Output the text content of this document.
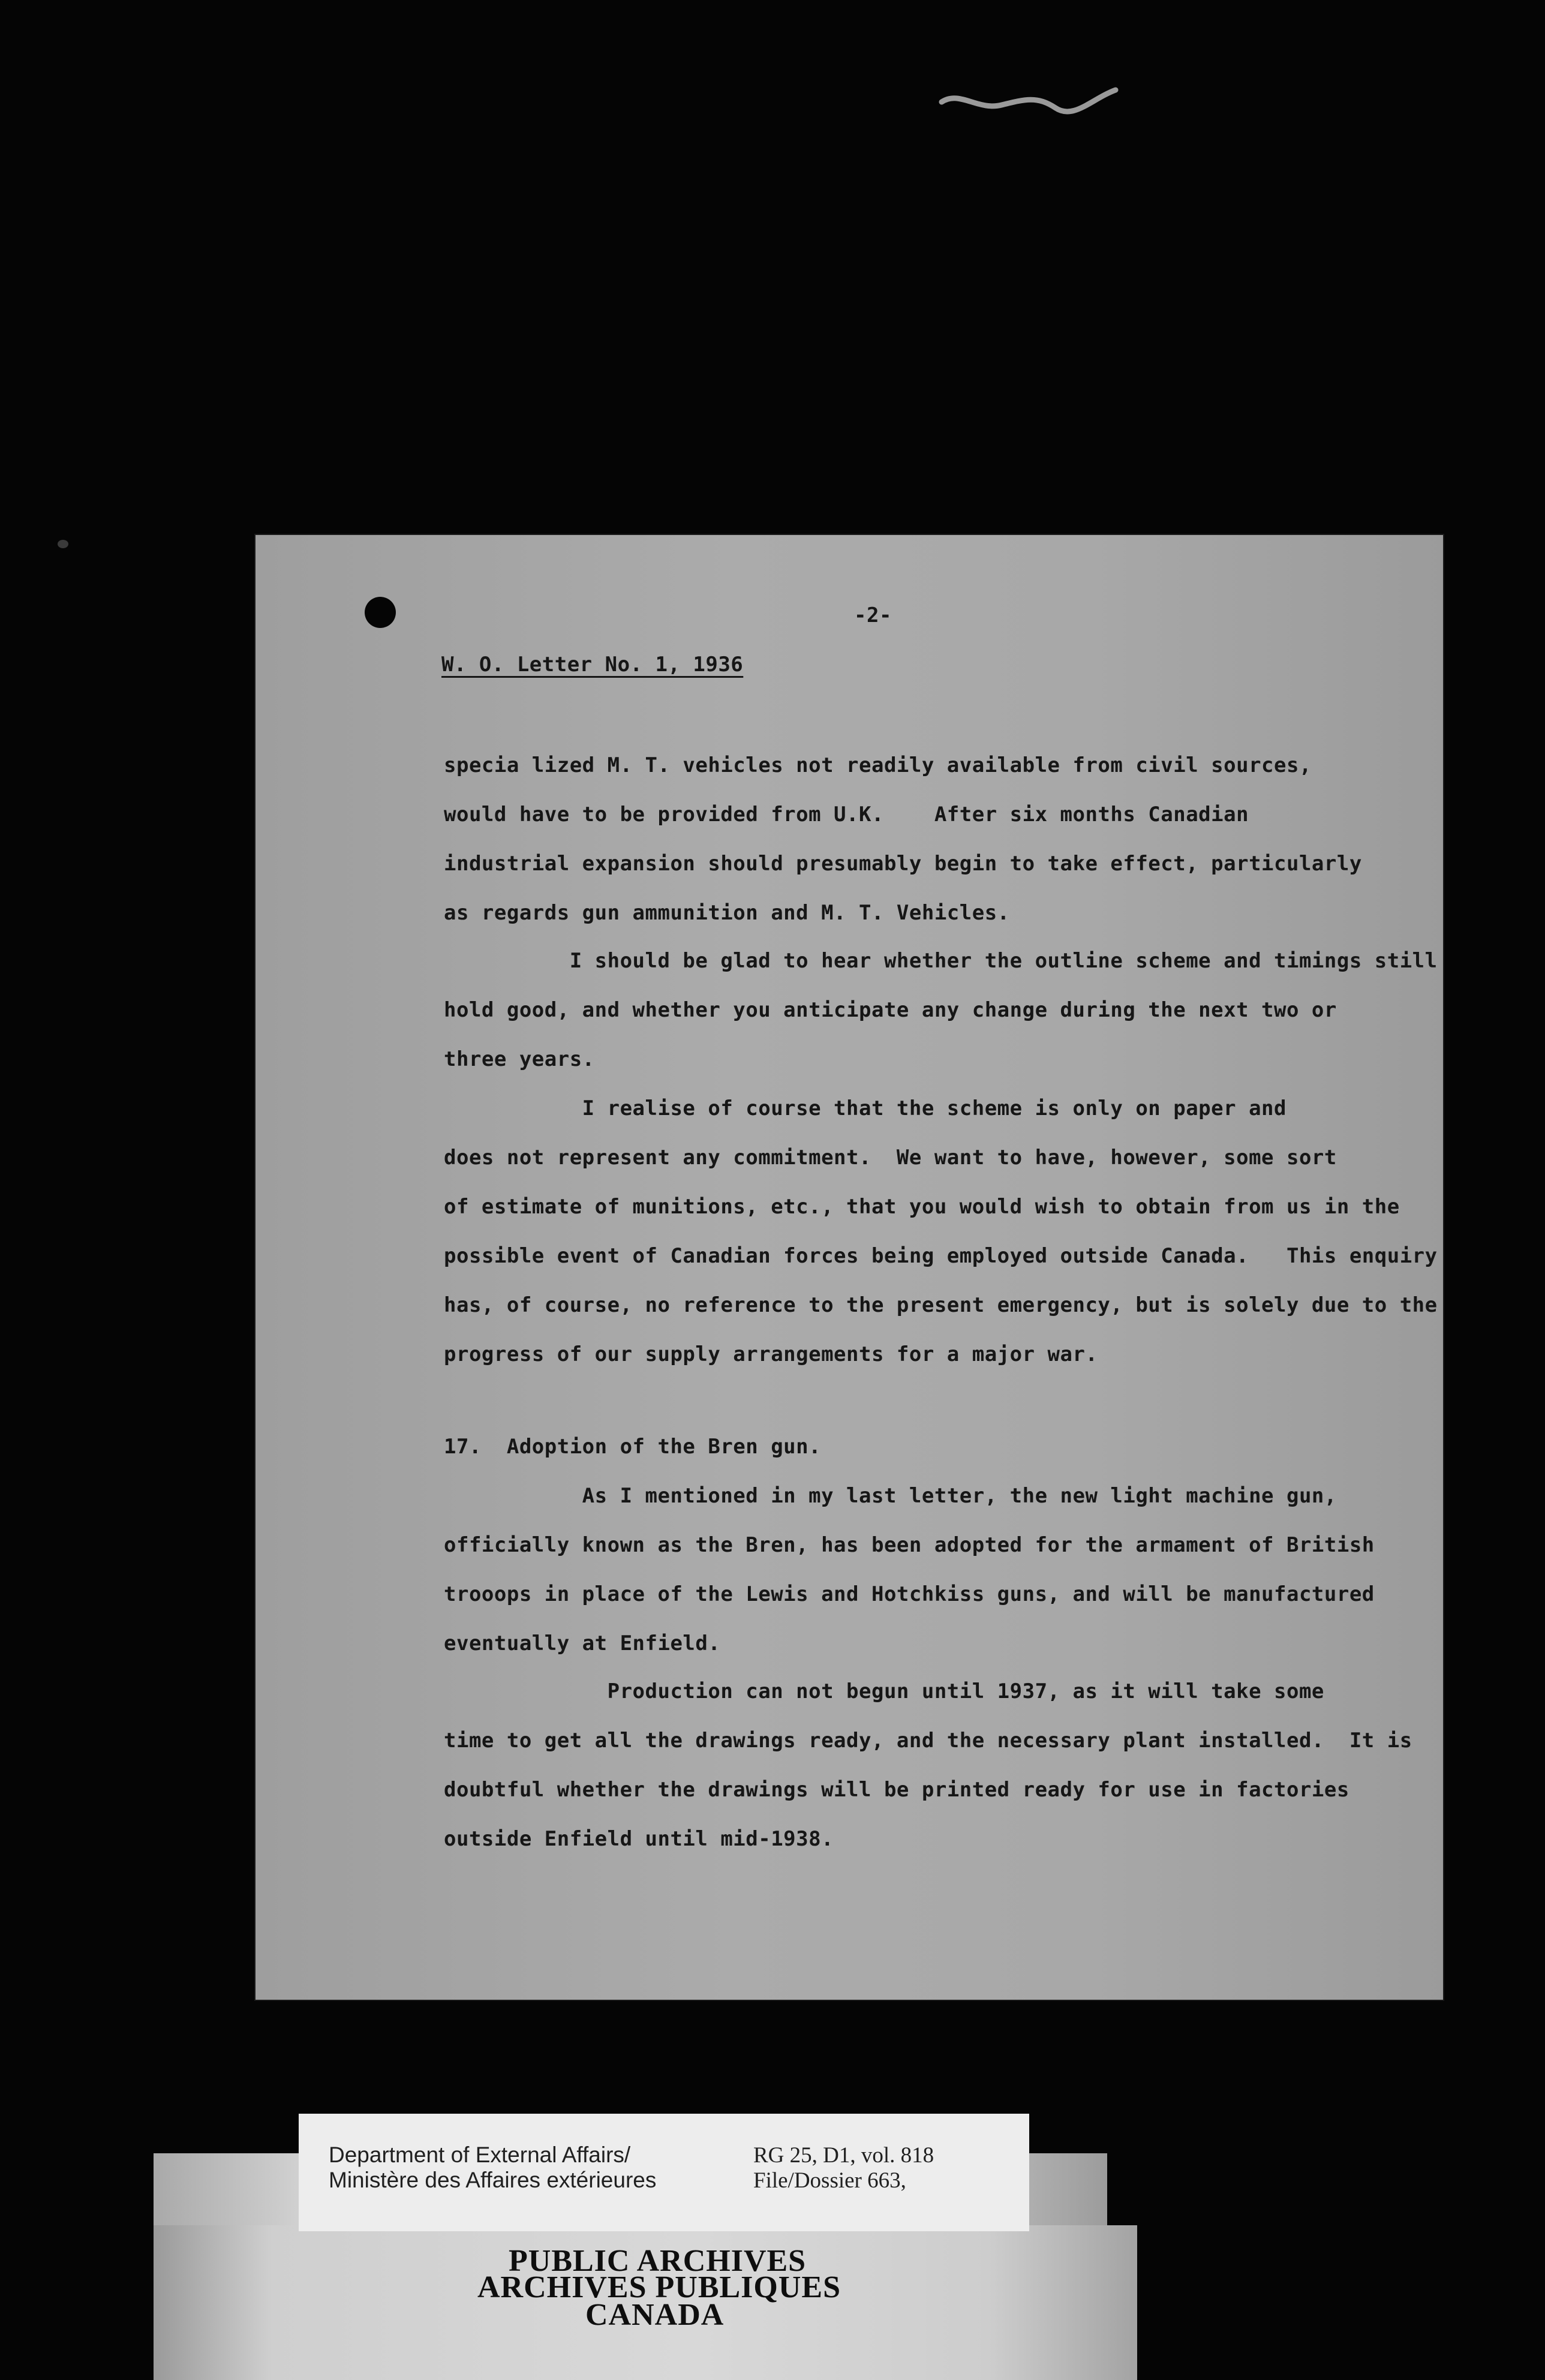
-2-
W. O. Letter No. 1, 1936
specia lized M. T. vehicles not readily available from civil sources,
would have to be provided from U.K.    After six months Canadian
industrial expansion should presumably begin to take effect, particularly
as regards gun ammunition and M. T. Vehicles.
I should be glad to hear whether the outline scheme and timings still
hold good, and whether you anticipate any change during the next two or
three years.
I realise of course that the scheme is only on paper and
does not represent any commitment.  We want to have, however, some sort
of estimate of munitions, etc., that you would wish to obtain from us in the
possible event of Canadian forces being employed outside Canada.   This enquiry
has, of course, no reference to the present emergency, but is solely due to the
progress of our supply arrangements for a major war.
17.  Adoption of the Bren gun.
As I mentioned in my last letter, the new light machine gun,
officially known as the Bren, has been adopted for the armament of British
trooops in place of the Lewis and Hotchkiss guns, and will be manufactured
eventually at Enfield.
Production can not begun until 1937, as it will take some
time to get all the drawings ready, and the necessary plant installed.  It is
doubtful whether the drawings will be printed ready for use in factories
outside Enfield until mid-1938.
Department of External Affairs/
Ministère des Affaires extérieures
RG 25, D1, vol. 818
File/Dossier 663,
PUBLIC ARCHIVES
ARCHIVES PUBLIQUES
CANADA
